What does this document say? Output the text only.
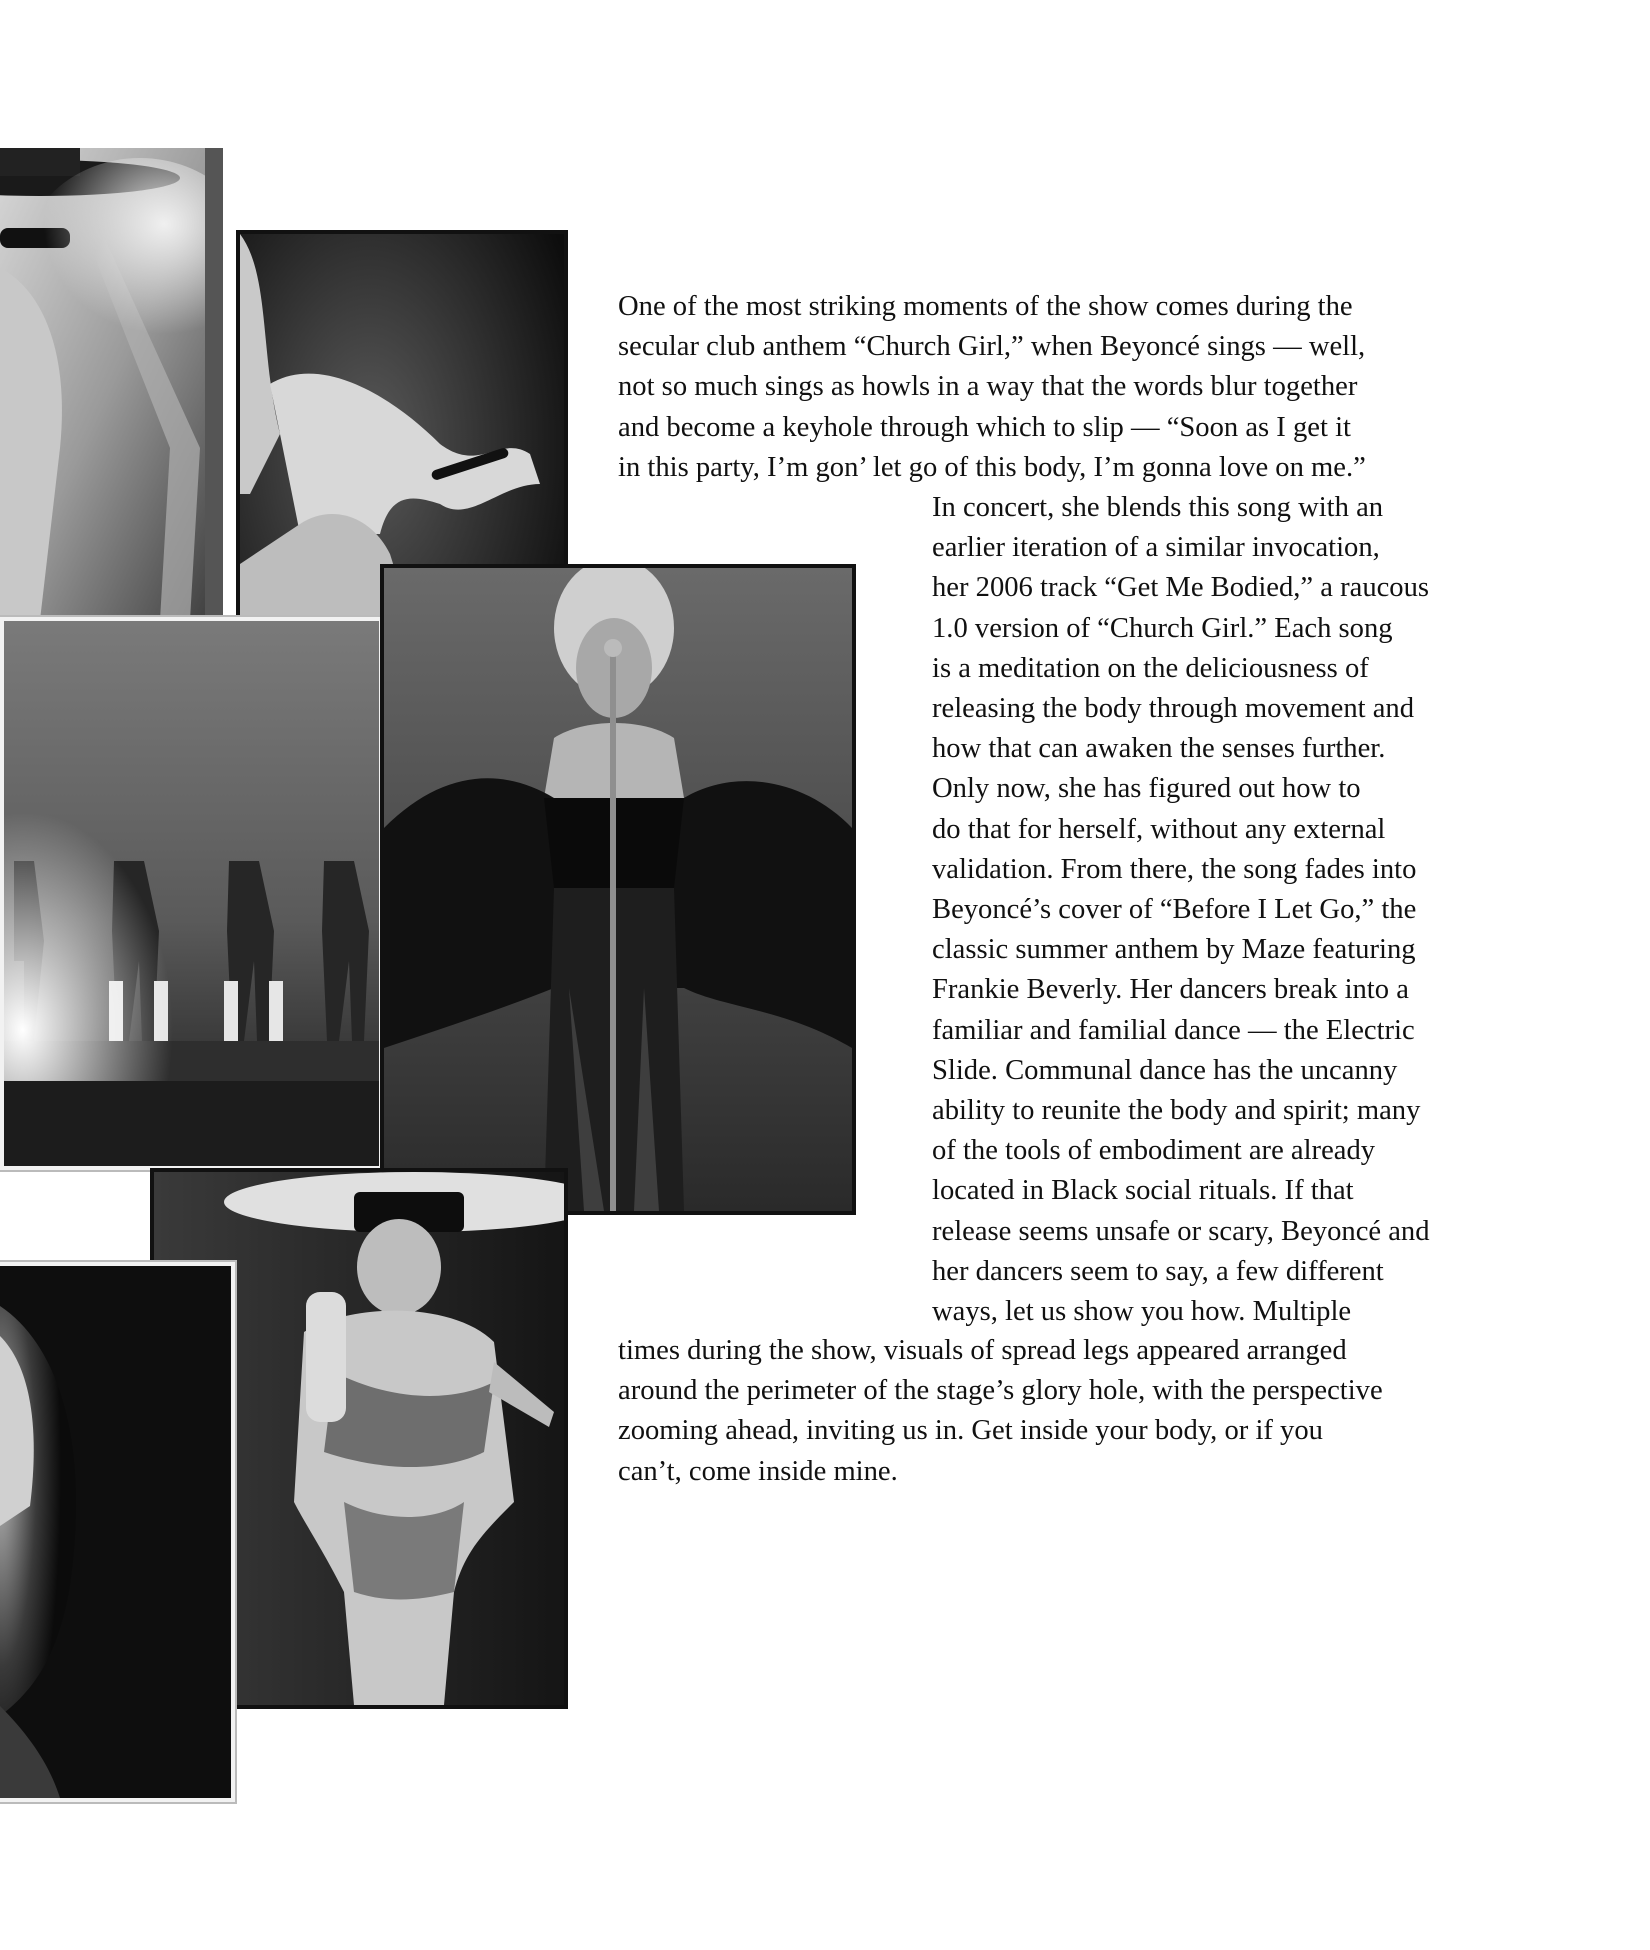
One of the most striking moments of the show comes during the
secular club anthem “Church Girl,” when Beyoncé sings — well,
not so much sings as howls in a way that the words blur together
and become a keyhole through which to slip — “Soon as I get it
in this party, I’m gon’ let go of this body, I’m gonna love on me.”

In concert, she blends this song with an
earlier iteration of a similar invocation,
her 2006 track “Get Me Bodied,” a raucous
1.0 version of “Church Girl.” Each song
is a meditation on the deliciousness of
releasing the body through movement and
how that can awaken the senses further.
Only now, she has figured out how to
do that for herself, without any external
validation. From there, the song fades into
Beyoncé’s cover of “Before I Let Go,” the
classic summer anthem by Maze featuring
Frankie Beverly. Her dancers break into a
familiar and familial dance — the Electric
Slide. Communal dance has the uncanny
ability to reunite the body and spirit; many
of the tools of embodiment are already
located in Black social rituals. If that
release seems unsafe or scary, Beyoncé and
her dancers seem to say, a few different
ways, let us show you how. Multiple

times during the show, visuals of spread legs appeared arranged
around the perimeter of the stage’s glory hole, with the perspective
zooming ahead, inviting us in. Get inside your body, or if you
can’t, come inside mine.
